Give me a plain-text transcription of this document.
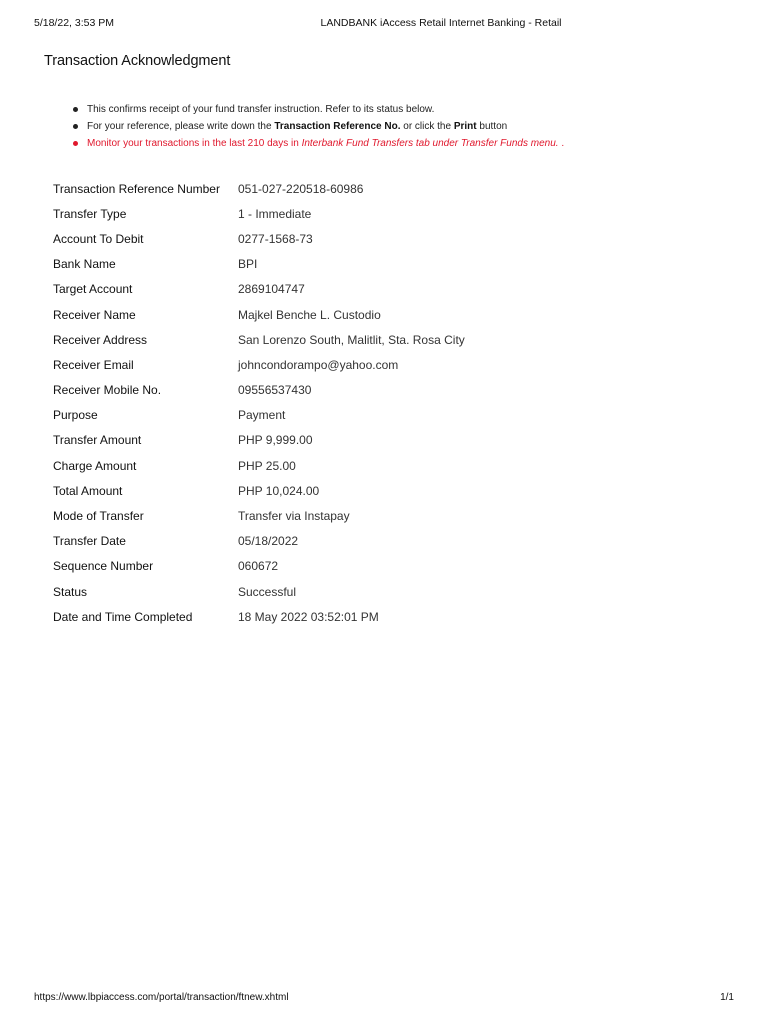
5/18/22, 3:53 PM	LANDBANK iAccess Retail Internet Banking - Retail
Transaction Acknowledgment
This confirms receipt of your fund transfer instruction. Refer to its status below.
For your reference, please write down the Transaction Reference No. or click the Print button
Monitor your transactions in the last 210 days in Interbank Fund Transfers tab under Transfer Funds menu. .
Transaction Reference Number	051-027-220518-60986
Transfer Type	1 - Immediate
Account To Debit	0277-1568-73
Bank Name	BPI
Target Account	2869104747
Receiver Name	Majkel Benche L. Custodio
Receiver Address	San Lorenzo South, Malitlit, Sta. Rosa City
Receiver Email	johncondorampo@yahoo.com
Receiver Mobile No.	09556537430
Purpose	Payment
Transfer Amount	PHP 9,999.00
Charge Amount	PHP 25.00
Total Amount	PHP 10,024.00
Mode of Transfer	Transfer via Instapay
Transfer Date	05/18/2022
Sequence Number	060672
Status	Successful
Date and Time Completed	18 May 2022 03:52:01 PM
https://www.lbpiaccess.com/portal/transaction/ftnew.xhtml	1/1
